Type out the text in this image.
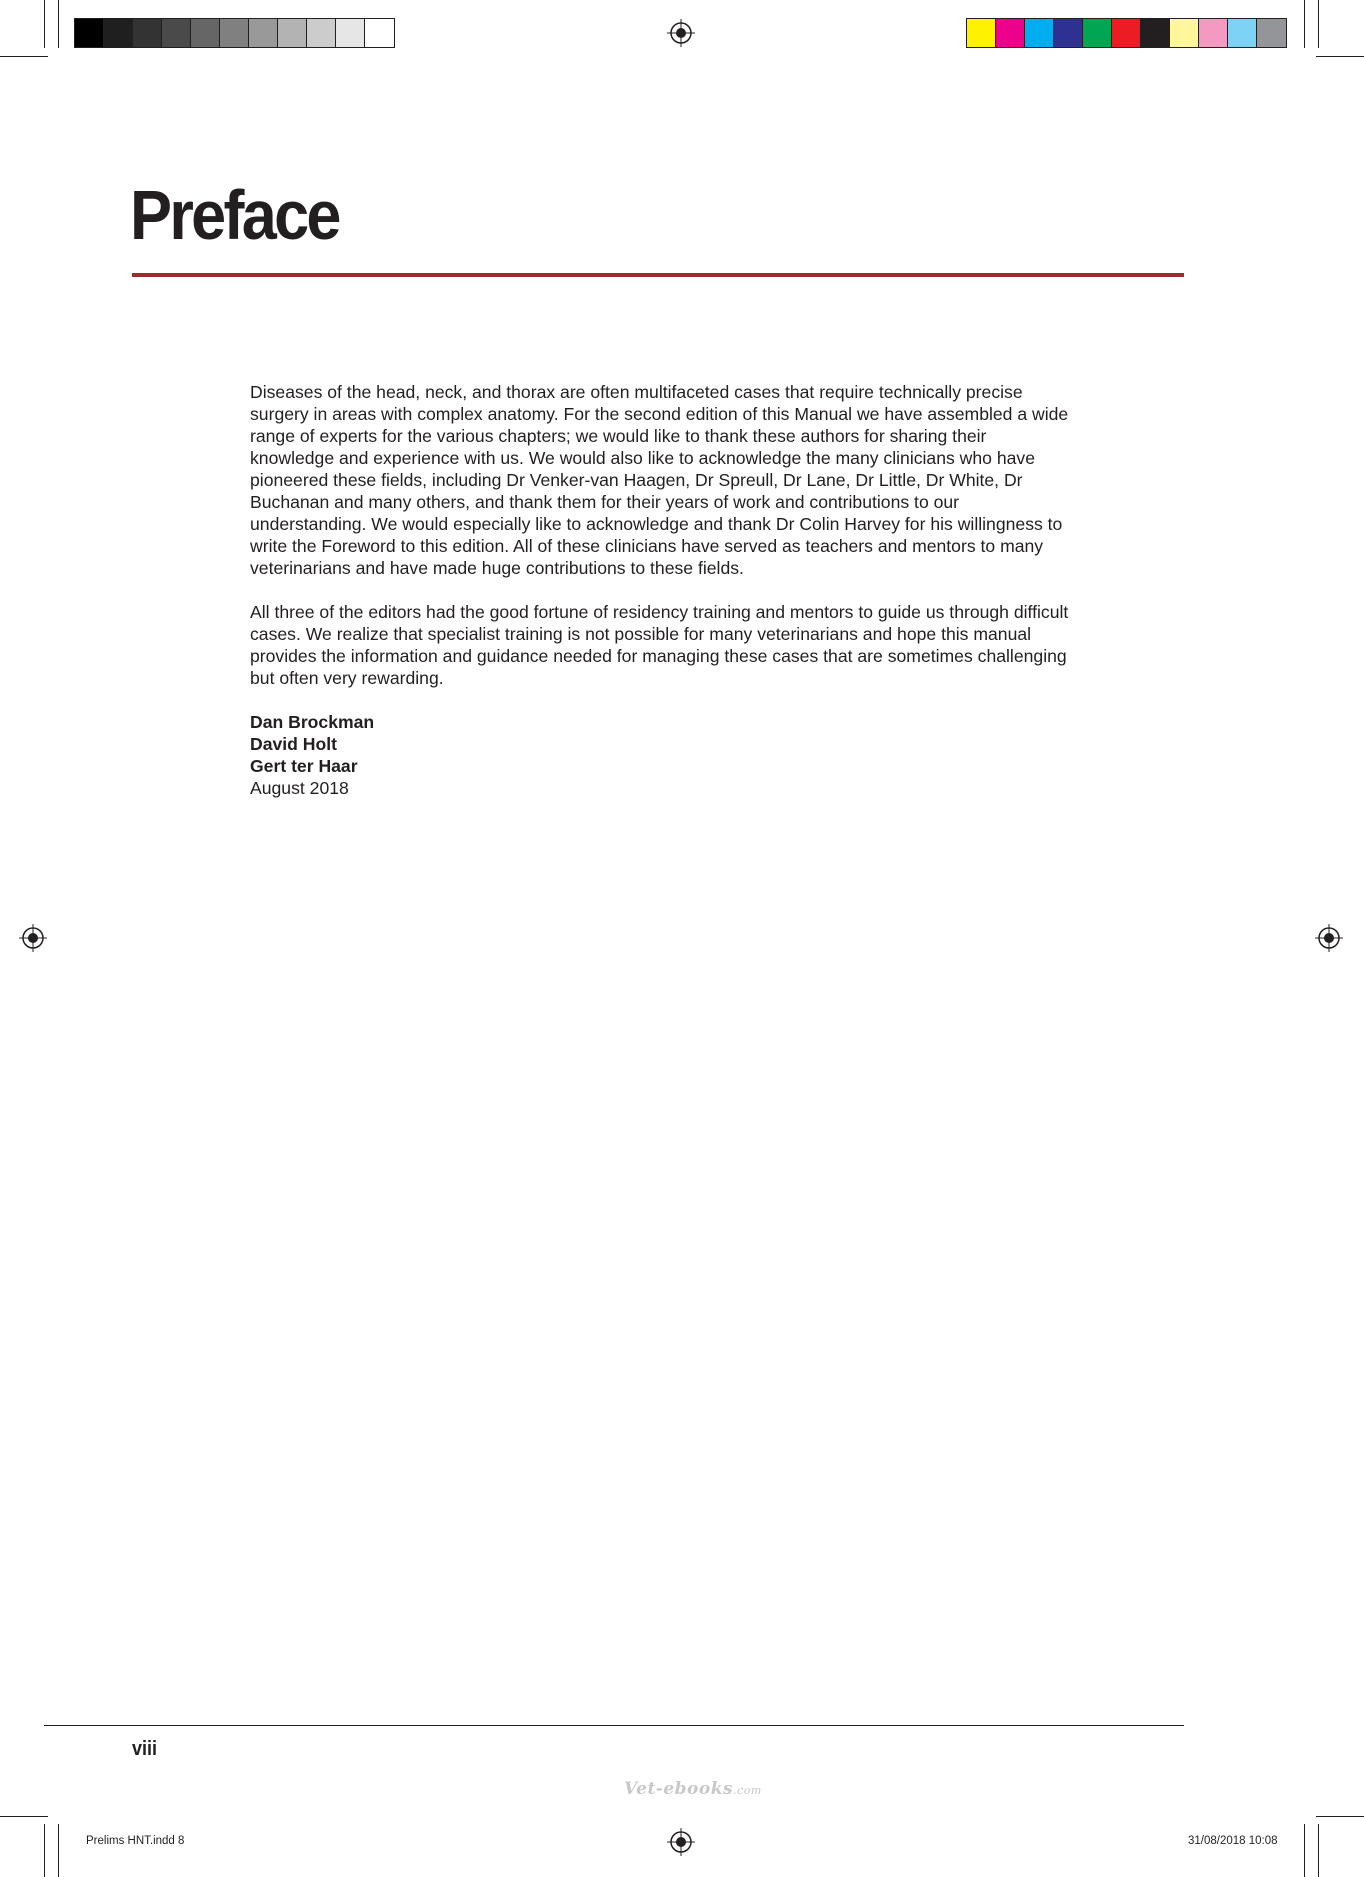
Preface

Diseases of the head, neck, and thorax are often multifaceted cases that require technically precise surgery in areas with complex anatomy. For the second edition of this Manual we have assembled a wide range of experts for the various chapters; we would like to thank these authors for sharing their knowledge and experience with us. We would also like to acknowledge the many clinicians who have pioneered these fields, including Dr Venker-van Haagen, Dr Spreull, Dr Lane, Dr Little, Dr White, Dr Buchanan and many others, and thank them for their years of work and contributions to our understanding. We would especially like to acknowledge and thank Dr Colin Harvey for his willingness to write the Foreword to this edition. All of these clinicians have served as teachers and mentors to many veterinarians and have made huge contributions to these fields.

All three of the editors had the good fortune of residency training and mentors to guide us through difficult cases. We realize that specialist training is not possible for many veterinarians and hope this manual provides the information and guidance needed for managing these cases that are sometimes challenging but often very rewarding.

Dan Brockman
David Holt
Gert ter Haar
August 2018
viii
Vet-ebooks.com
Prelims HNT.indd 8	31/08/2018 10:08
